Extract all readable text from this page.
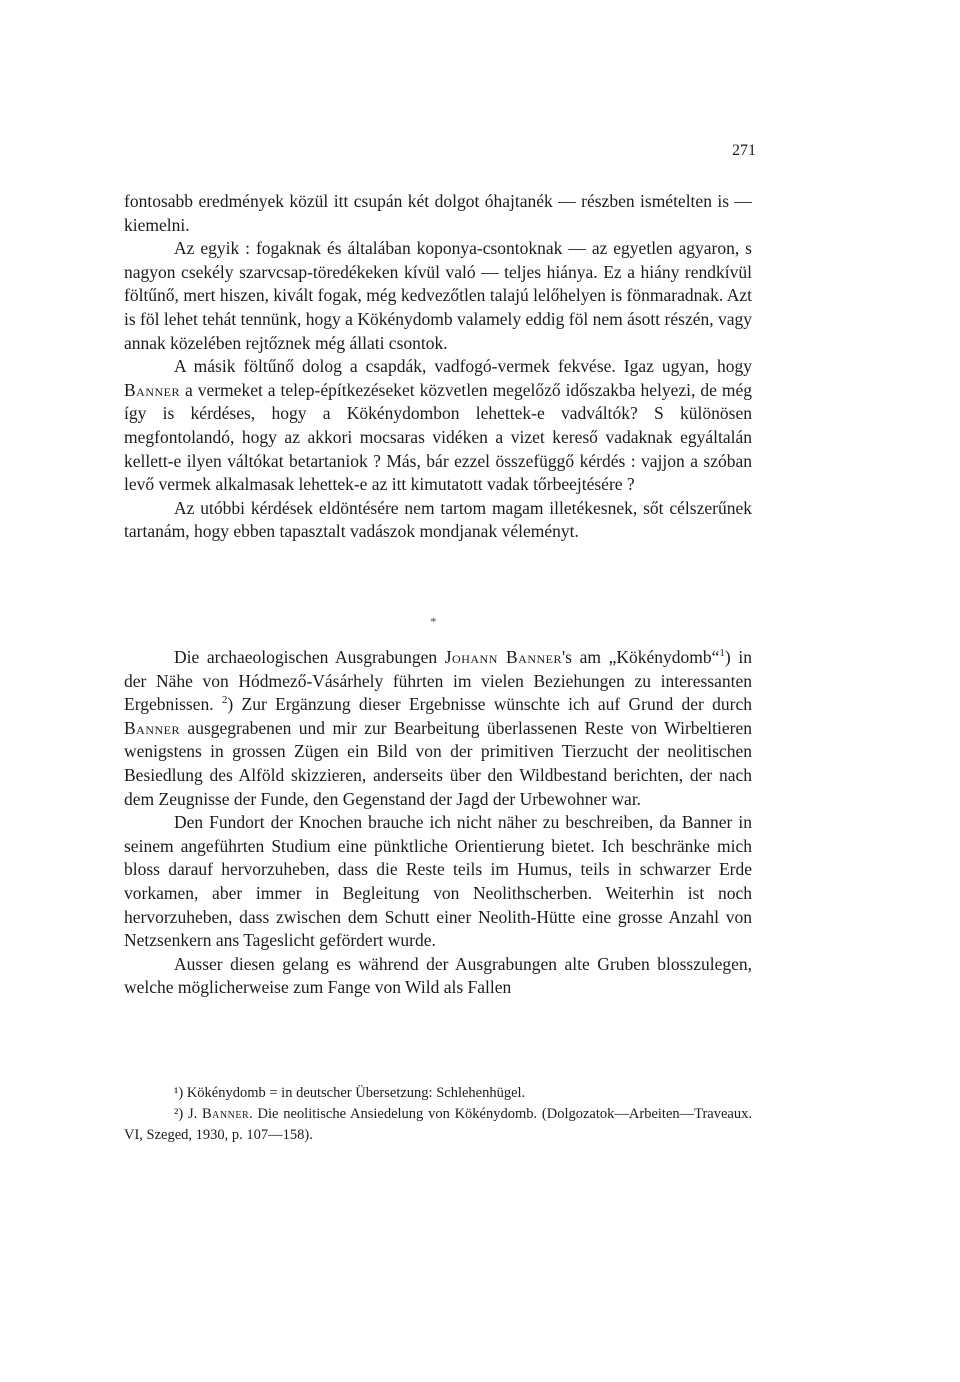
271

fontosabb eredmények közül itt csupán két dolgot óhajtanék — részben ismételten is — kiemelni.

Az egyik : fogaknak és általában koponya-csontoknak — az egyetlen agyaron, s nagyon csekély szarvcsap-töredékeken kívül való — teljes hiánya. Ez a hiány rendkívül föltűnő, mert hiszen, kivált fogak, még kedvezőtlen talajú lelőhelyen is fönmaradnak. Azt is föl lehet tehát tennünk, hogy a Kökénydomb valamely eddig föl nem ásott részén, vagy annak közelében rejtőznek még állati csontok.

A másik föltűnő dolog a csapdák, vadfogó-vermek fekvése. Igaz ugyan, hogy Banner a vermeket a telep-építkezéseket közvetlen megelőző időszakba helyezi, de még így is kérdéses, hogy a Kökénydombon lehettek-e vadváltók? S különösen megfontolandó, hogy az akkori mocsaras vidéken a vizet kereső vadaknak egyáltalán kellett-e ilyen váltókat betartaniok ? Más, bár ezzel összefüggő kérdés : vajjon a szóban levő vermek alkalmasak lehettek-e az itt kimutatott vadak tőrbeejtésére ?

Az utóbbi kérdések eldöntésére nem tartom magam illetékesnek, sőt célszerűnek tartanám, hogy ebben tapasztalt vadászok mondjanak véleményt.

*

Die archaeologischen Ausgrabungen Johann Banner's am „Kökénydomb“$^1$) in der Nähe von Hódmező-Vásárhely führten im vielen Beziehungen zu interessanten Ergebnissen. $^2$) Zur Ergänzung dieser Ergebnisse wünschte ich auf Grund der durch Banner ausgegrabenen und mir zur Bearbeitung überlassenen Reste von Wirbeltieren wenigstens in grossen Zügen ein Bild von der primitiven Tierzucht der neolitischen Besiedlung des Alföld skizzieren, anderseits über den Wildbestand berichten, der nach dem Zeugnisse der Funde, den Gegenstand der Jagd der Urbewohner war.

Den Fundort der Knochen brauche ich nicht näher zu beschreiben, da Banner in seinem angeführten Studium eine pünktliche Orientierung bietet. Ich beschränke mich bloss darauf hervorzuheben, dass die Reste teils im Humus, teils in schwarzer Erde vorkamen, aber immer in Begleitung von Neolithscherben. Weiterhin ist noch hervorzuheben, dass zwischen dem Schutt einer Neolith-Hütte eine grosse Anzahl von Netzsenkern ans Tageslicht gefördert wurde.

Ausser diesen gelang es während der Ausgrabungen alte Gruben blosszulegen, welche möglicherweise zum Fange von Wild als Fallen

¹) Kökénydomb = in deutscher Übersetzung: Schlehenhügel.

²) J. Banner. Die neolitische Ansiedelung von Kökénydomb. (Dolgozatok—Arbeiten—Traveaux. VI, Szeged, 1930, p. 107—158).
